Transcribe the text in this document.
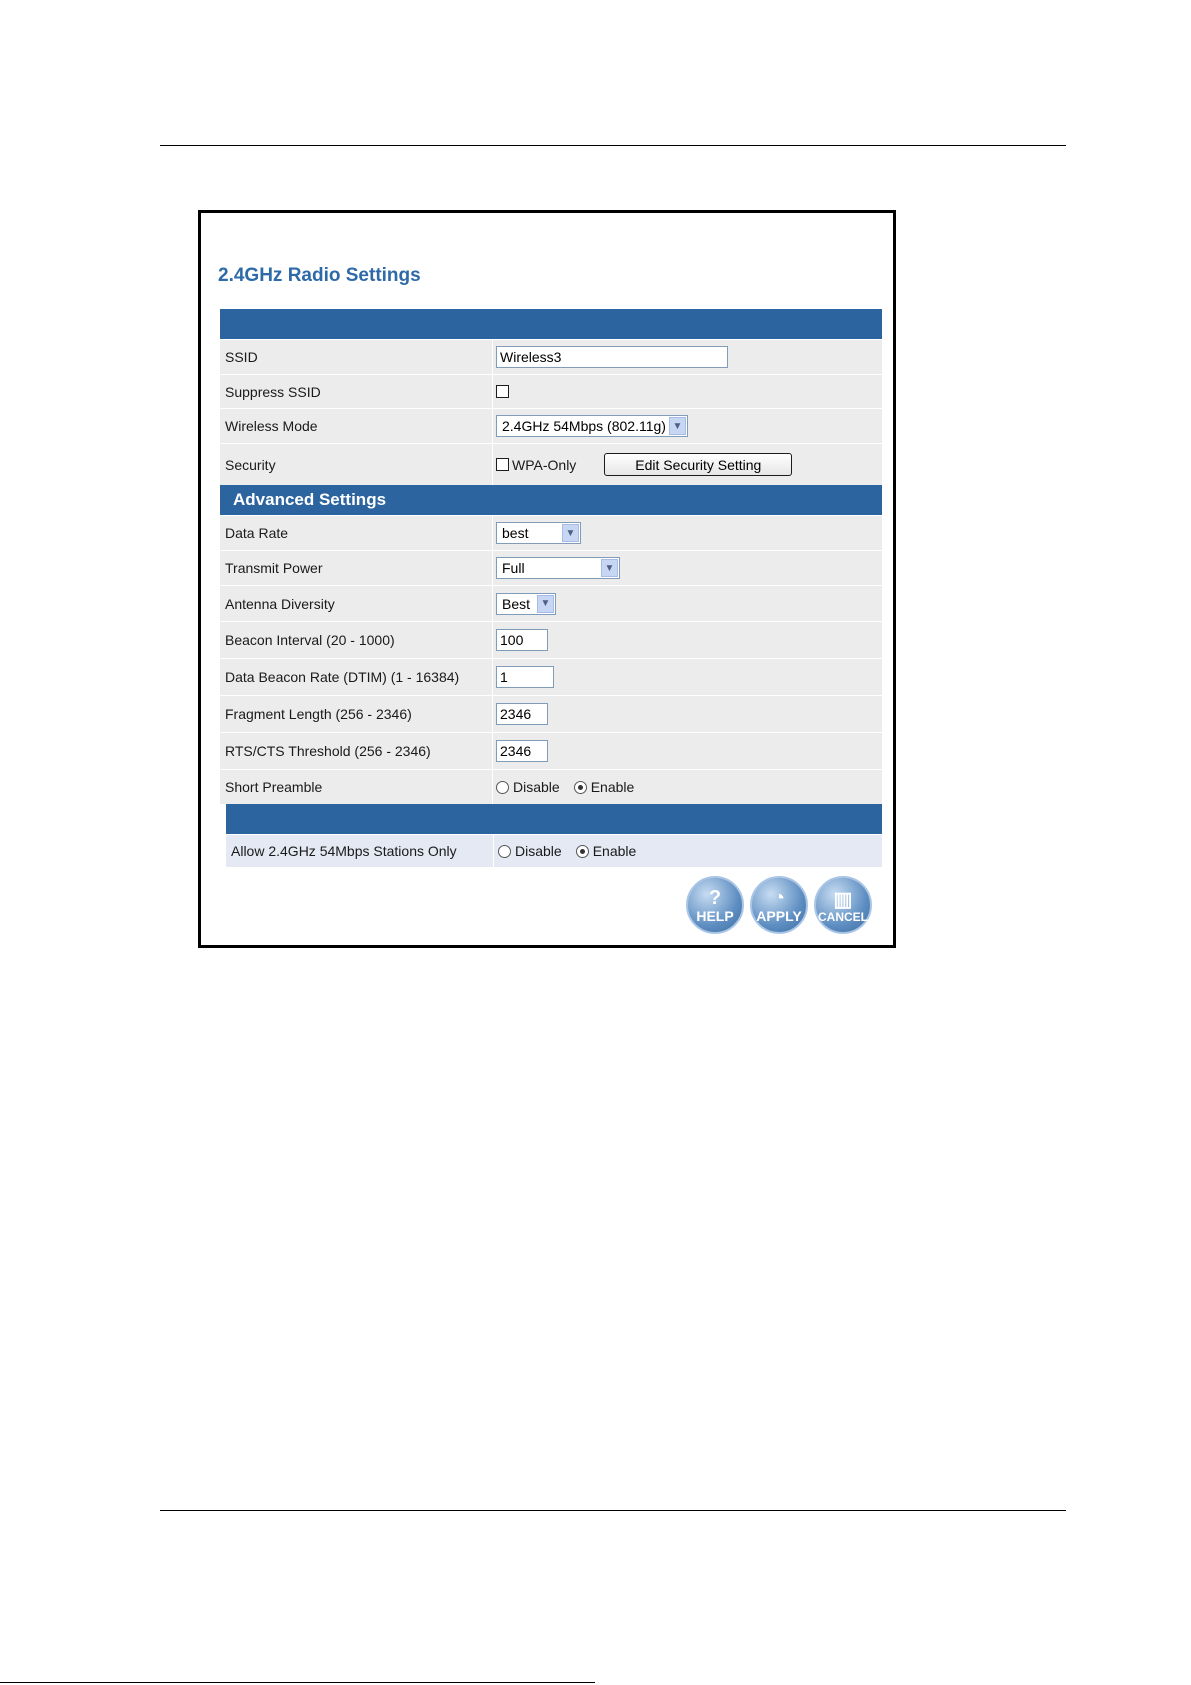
2.4GHz Radio Settings
SSID	Wireless3
Suppress SSID
Wireless Mode	2.4GHz 54Mbps (802.11g) ▼
Security	WPA-Only	Edit Security Setting
Advanced Settings
Data Rate	best	▼
Transmit Power	Full	▼
Antenna Diversity	Best	▼
Beacon Interval (20 - 1000)	100
Data Beacon Rate (DTIM) (1 - 16384)	1
Fragment Length (256 - 2346)	2346
RTS/CTS Threshold (256 - 2346)	2346
Short Preamble	Disable Enable
Allow 2.4GHz 54Mbps Stations Only	Disable Enable
?
HELP
◔
APPLY
▥
CANCEL
